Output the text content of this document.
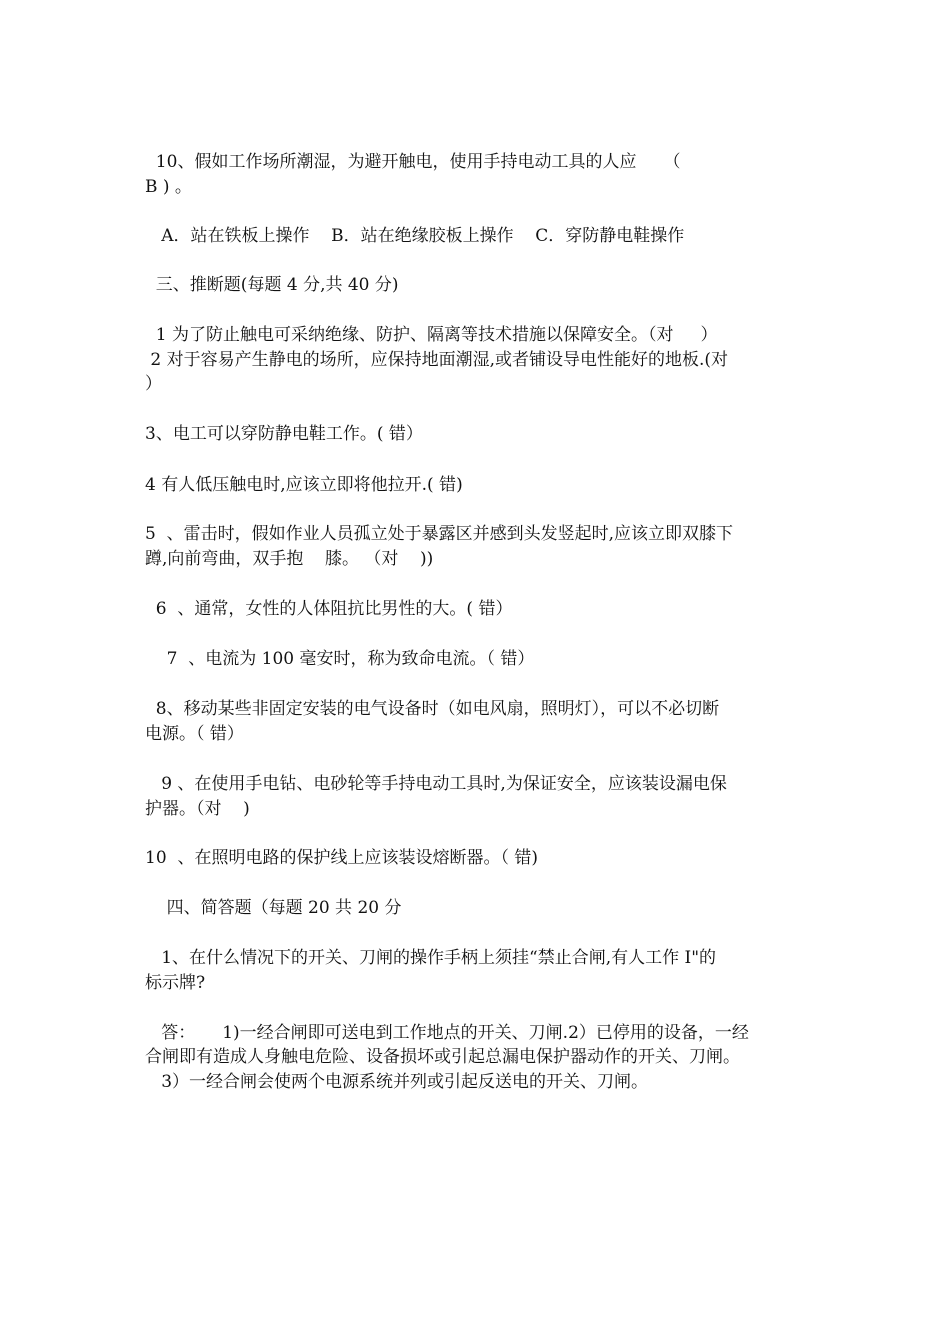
10、假如工作场所潮湿，为避开触电，使用手持电动工具的人应     （
B ) 。
A．站在铁板上操作    B．站在绝缘胶板上操作    C．穿防静电鞋操作
三、推断题(每题 4 分,共 40 分)
1 为了防止触电可采纳绝缘、防护、隔离等技术措施以保障安全。（对     ）
2 对于容易产生静电的场所，应保持地面潮湿,或者铺设导电性能好的地板.(对
）
3、电工可以穿防静电鞋工作。( 错）
4 有人低压触电时,应该立即将他拉开.( 错)
5  、雷击时，假如作业人员孤立处于暴露区并感到头发竖起时,应该立即双膝下
蹲,向前弯曲，双手抱    膝。 （对    ))
6  、通常，女性的人体阻抗比男性的大。( 错）
7  、电流为 100 毫安时，称为致命电流。（ 错）
8、移动某些非固定安装的电气设备时（如电风扇，照明灯），可以不必切断
电源。（ 错）
9 、在使用手电钻、电砂轮等手持电动工具时,为保证安全，应该装设漏电保
护器。（对    )
10  、在照明电路的保护线上应该装设熔断器。（ 错)
四、简答题（每题 20 共 20 分
1、在什么情况下的开关、刀闸的操作手柄上须挂“禁止合闸,有人工作 I"的
标示牌?
答：     1)一经合闸即可送电到工作地点的开关、刀闸.2）已停用的设备，一经
合闸即有造成人身触电危险、设备损坏或引起总漏电保护器动作的开关、刀闸。
3）一经合闸会使两个电源系统并列或引起反送电的开关、刀闸。
